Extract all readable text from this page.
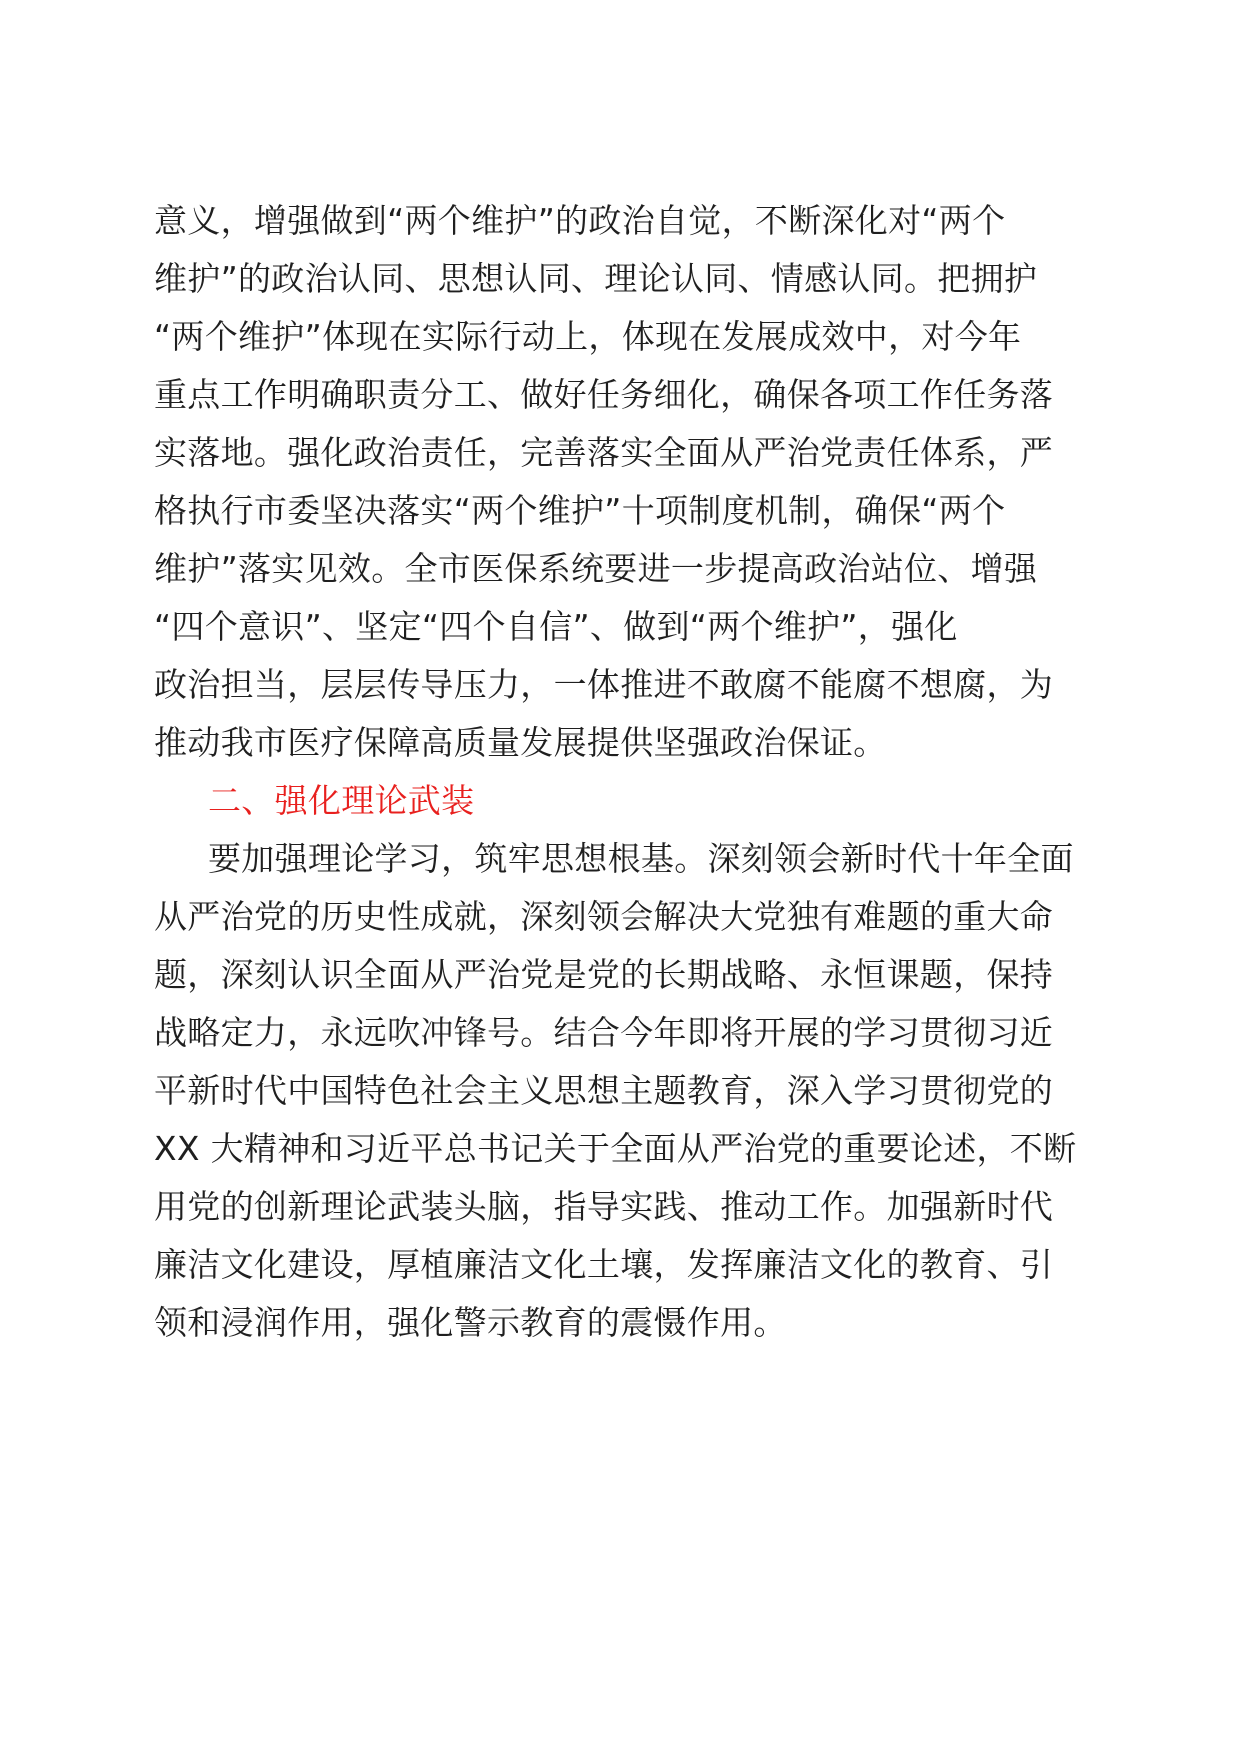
意义，增强做到“两个维护”的政治自觉，不断深化对“两个
维护”的政治认同、思想认同、理论认同、情感认同。把拥护
“两个维护”体现在实际行动上，体现在发展成效中，对今年
重点工作明确职责分工、做好任务细化，确保各项工作任务落
实落地。强化政治责任，完善落实全面从严治党责任体系，严
格执行市委坚决落实“两个维护”十项制度机制，确保“两个
维护”落实见效。全市医保系统要进一步提高政治站位、增强
“四个意识”、坚定“四个自信”、做到“两个维护”，强化
政治担当，层层传导压力，一体推进不敢腐不能腐不想腐，为
推动我市医疗保障高质量发展提供坚强政治保证。
二、强化理论武装
要加强理论学习，筑牢思想根基。深刻领会新时代十年全面
从严治党的历史性成就，深刻领会解决大党独有难题的重大命
题，深刻认识全面从严治党是党的长期战略、永恒课题，保持
战略定力，永远吹冲锋号。结合今年即将开展的学习贯彻习近
平新时代中国特色社会主义思想主题教育，深入学习贯彻党的
XX 大精神和习近平总书记关于全面从严治党的重要论述，不断
用党的创新理论武装头脑，指导实践、推动工作。加强新时代
廉洁文化建设，厚植廉洁文化土壤，发挥廉洁文化的教育、引
领和浸润作用，强化警示教育的震慑作用。
